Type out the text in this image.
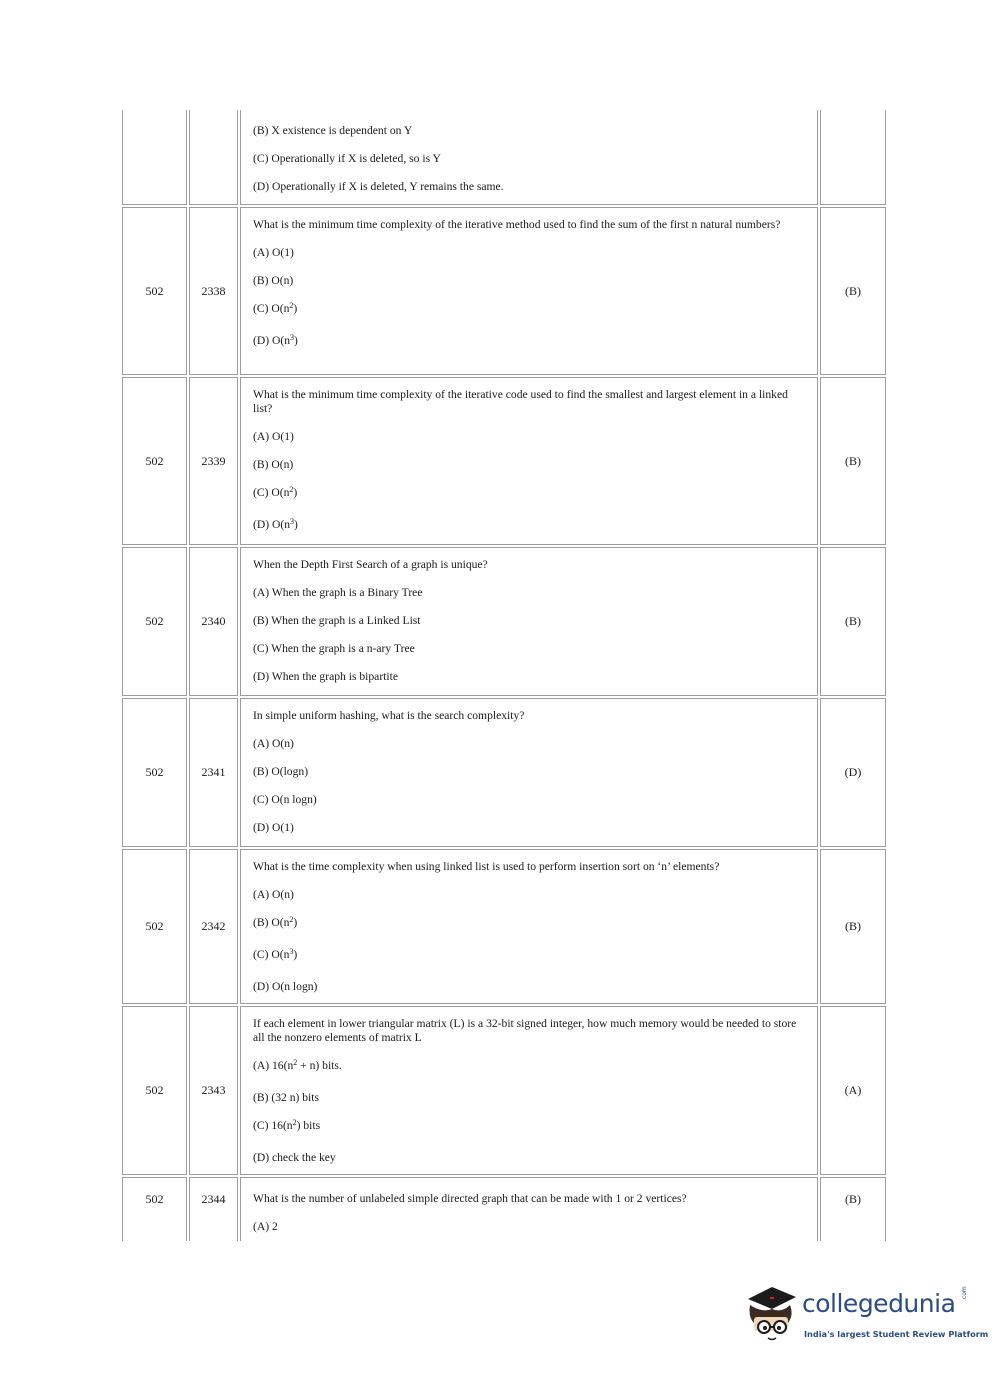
(B) X existence is dependent on Y
(C) Operationally if X is deleted, so is Y
(D) Operationally if X is deleted, Y remains the same.
502	2338
What is the minimum time complexity of the iterative method used to find the sum of the first n natural numbers?
(A) O(1)
(B) O(n)
(C) $O(n^2)$
(D) $O(n^3)$
(B)
502	2339
What is the minimum time complexity of the iterative code used to find the smallest and largest element in a linked list?
(A) O(1)
(B) O(n)
(C) $O(n^2)$
(D) $O(n^3)$
(B)
502	2340
When the Depth First Search of a graph is unique?
(A) When the graph is a Binary Tree
(B) When the graph is a Linked List
(C) When the graph is a n-ary Tree
(D) When the graph is bipartite
(B)
502	2341
In simple uniform hashing, what is the search complexity?
(A) O(n)
(B) O(logn)
(C) O(n logn)
(D) O(1)
(D)
502	2342
What is the time complexity when using linked list is used to perform insertion sort on ‘n’ elements?
(A) O(n)
(B) $O(n^2)$
(C) $O(n^3)$
(D) O(n logn)
(B)
502	2343
If each element in lower triangular matrix (L) is a 32-bit signed integer, how much memory would be needed to store all the nonzero elements of matrix L
(A) $16(n^2 + n)$ bits.
(B) (32 n) bits
(C) $16(n^2)$ bits
(D) check the key
(A)
502	2344	What is the number of unlabeled simple directed graph that can be made with 1 or 2 vertices?
(A) 2
(B)
collegedunia .com
India's largest Student Review Platform
